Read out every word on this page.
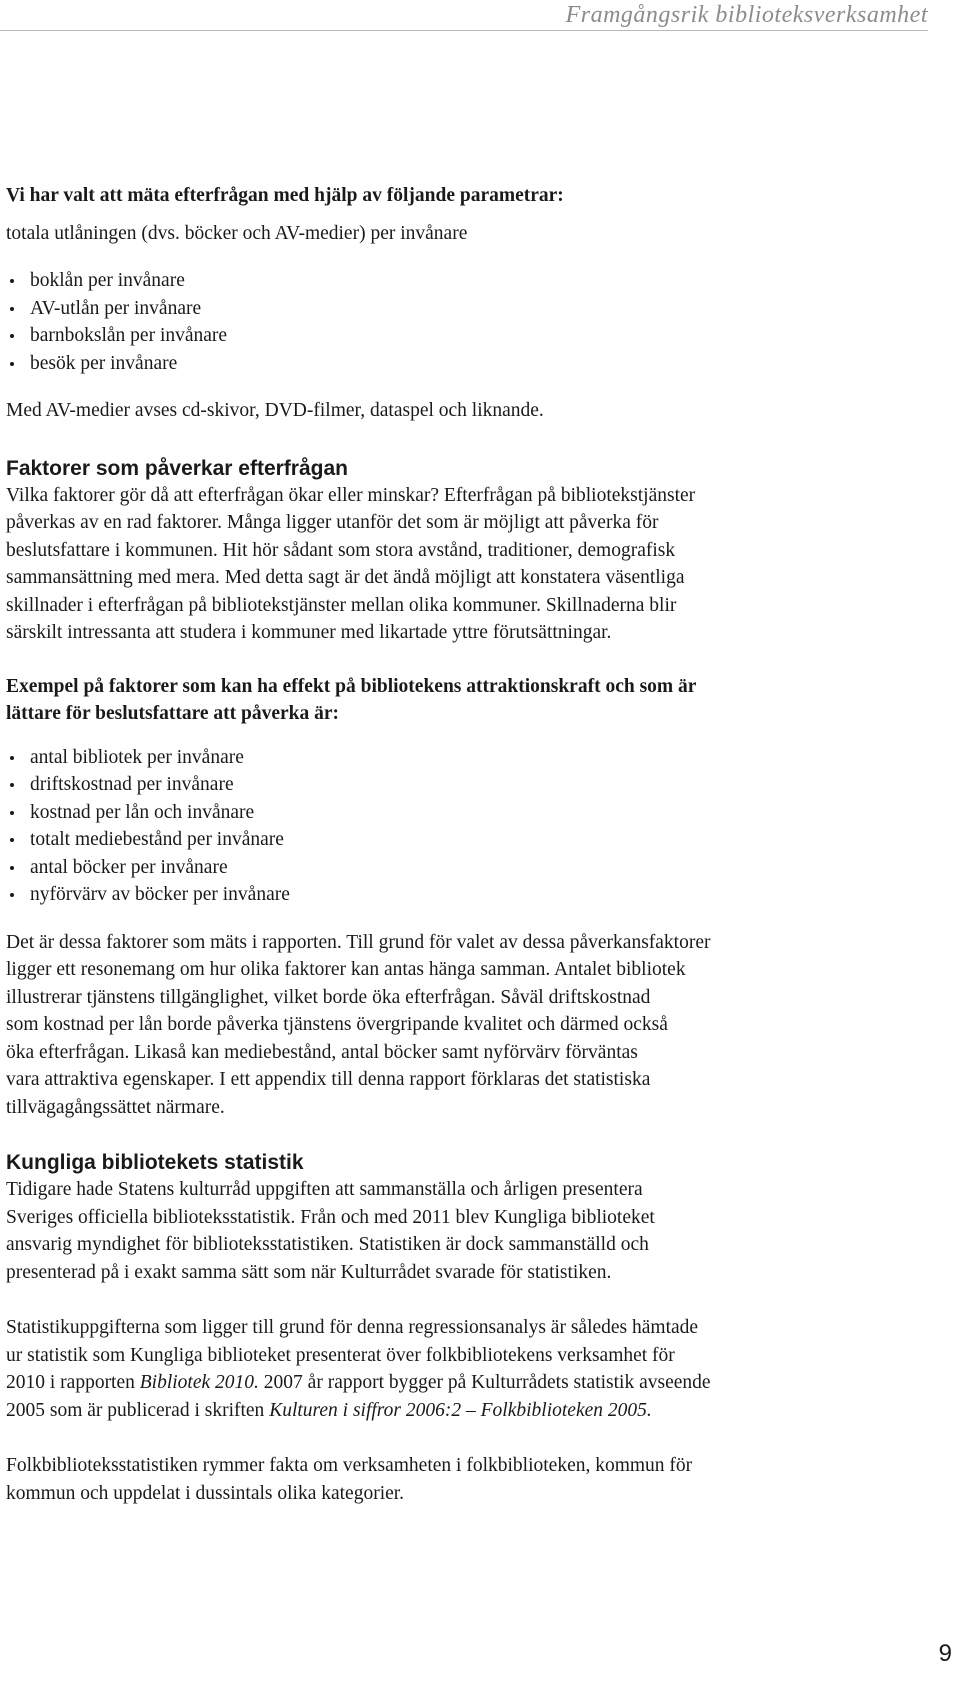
Framgångsrik biblioteksverksamhet

Vi har valt att mäta efterfrågan med hjälp av följande parametrar:

totala utlåningen (dvs. böcker och AV-medier) per invånare

boklån per invånare
AV-utlån per invånare
barnbokslån per invånare
besök per invånare

Med AV-medier avses cd-skivor, DVD-filmer, dataspel och liknande.

Faktorer som påverkar efterfrågan

Vilka faktorer gör då att efterfrågan ökar eller minskar? Efterfrågan på bibliotekstjänster

påverkas av en rad faktorer. Många ligger utanför det som är möjligt att påverka för

beslutsfattare i kommunen. Hit hör sådant som stora avstånd, traditioner, demografisk

sammansättning med mera. Med detta sagt är det ändå möjligt att konstatera väsentliga

skillnader i efterfrågan på bibliotekstjänster mellan olika kommuner. Skillnaderna blir

särskilt intressanta att studera i kommuner med likartade yttre förutsättningar.

Exempel på faktorer som kan ha effekt på bibliotekens attraktionskraft och som är

lättare för beslutsfattare att påverka är:

antal bibliotek per invånare
driftskostnad per invånare
kostnad per lån och invånare
totalt mediebestånd per invånare
antal böcker per invånare
nyförvärv av böcker per invånare

Det är dessa faktorer som mäts i rapporten. Till grund för valet av dessa påverkansfaktorer

ligger ett resonemang om hur olika faktorer kan antas hänga samman. Antalet bibliotek

illustrerar tjänstens tillgänglighet, vilket borde öka efterfrågan. Såväl driftskostnad

som kostnad per lån borde påverka tjänstens övergripande kvalitet och därmed också

öka efterfrågan. Likaså kan mediebestånd, antal böcker samt nyförvärv förväntas

vara attraktiva egenskaper. I ett appendix till denna rapport förklaras det statistiska

tillvägagångssättet närmare.

Kungliga bibliotekets statistik

Tidigare hade Statens kulturråd uppgiften att sammanställa och årligen presentera

Sveriges officiella biblioteksstatistik. Från och med 2011 blev Kungliga biblioteket

ansvarig myndighet för biblioteksstatistiken. Statistiken är dock sammanställd och

presenterad på i exakt samma sätt som när Kulturrådet svarade för statistiken.

Statistikuppgifterna som ligger till grund för denna regressionsanalys är således hämtade

ur statistik som Kungliga biblioteket presenterat över folkbibliotekens verksamhet för

2010 i rapporten Bibliotek 2010. 2007 år rapport bygger på Kulturrådets statistik avseende

2005 som är publicerad i skriften Kulturen i siffror 2006:2 – Folkbiblioteken 2005.

Folkbiblioteksstatistiken rymmer fakta om verksamheten i folkbiblioteken, kommun för

kommun och uppdelat i dussintals olika kategorier.

9
